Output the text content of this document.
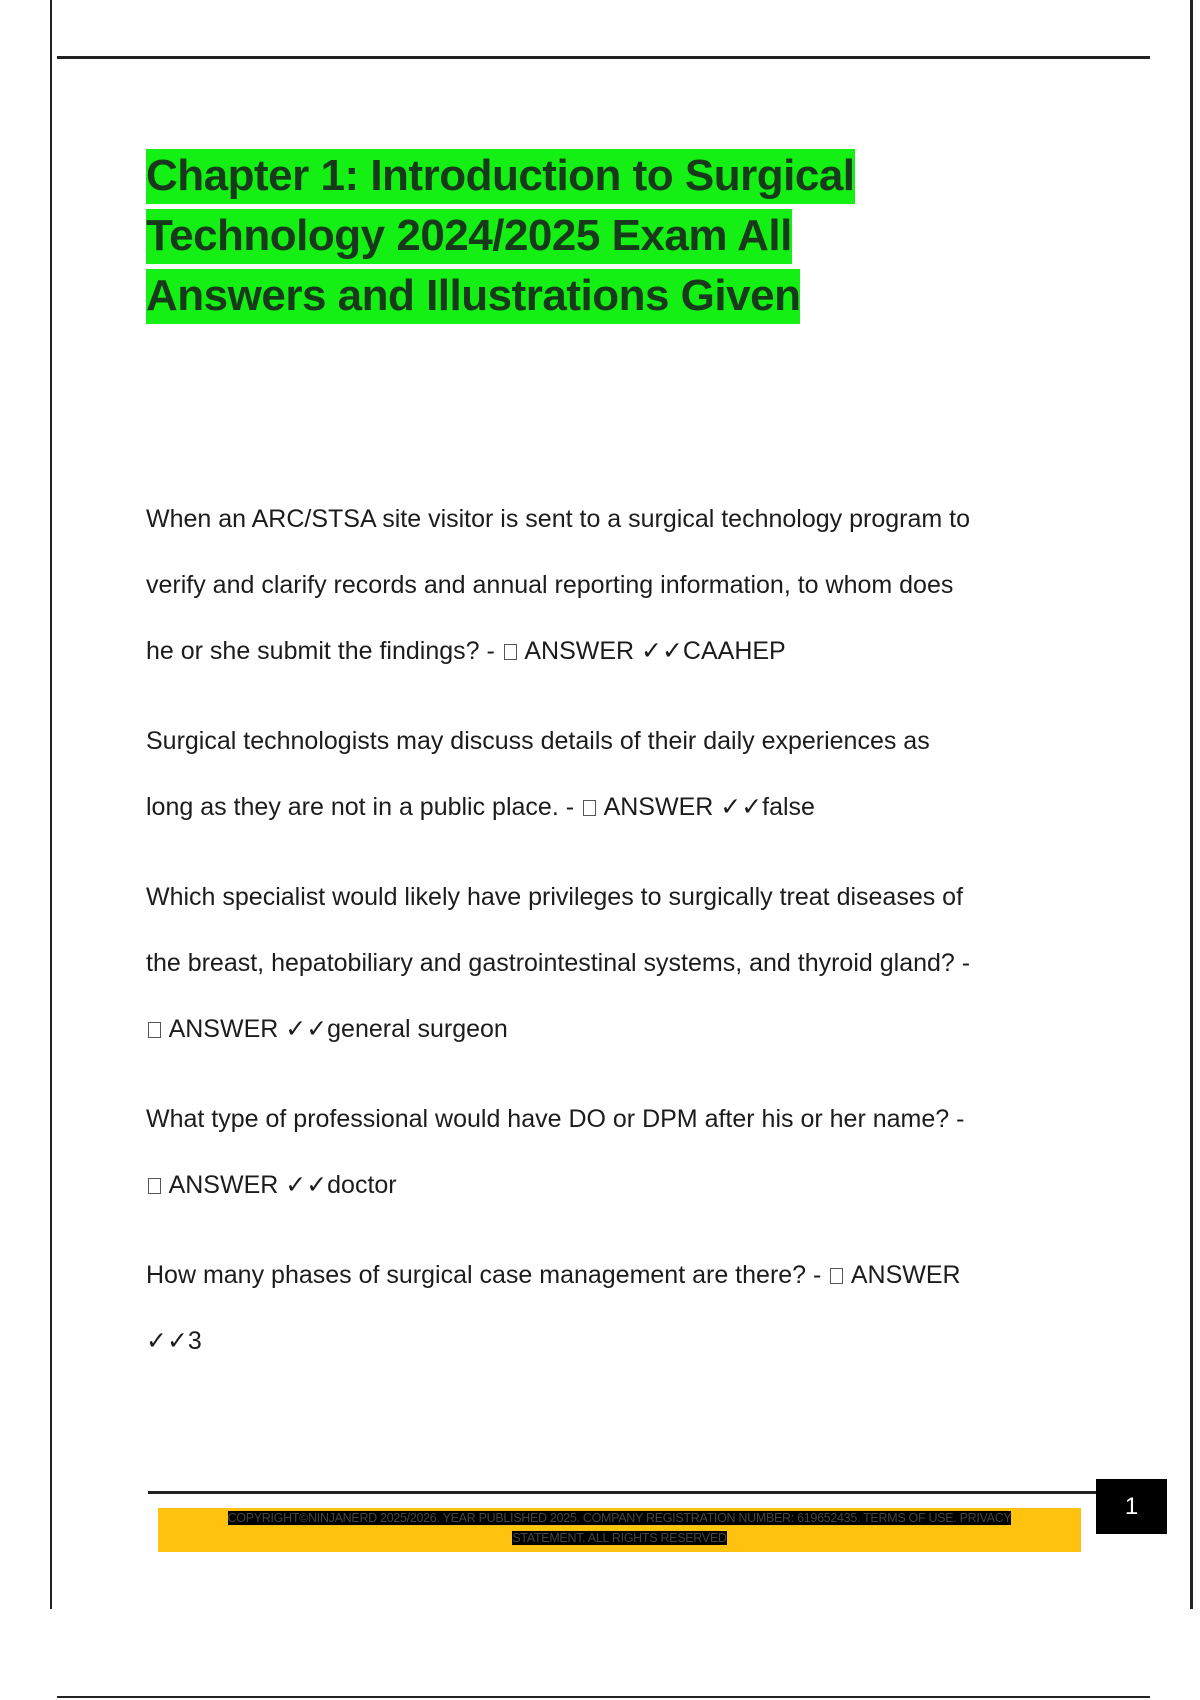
Chapter 1: Introduction to Surgical
Technology 2024/2025 Exam All
Answers and Illustrations Given
When an ARC/STSA site visitor is sent to a surgical technology program to
verify and clarify records and annual reporting information, to whom does
he or she submit the findings? - ANSWER ✓✓CAAHEP
Surgical technologists may discuss details of their daily experiences as
long as they are not in a public place. - ANSWER ✓✓false
Which specialist would likely have privileges to surgically treat diseases of
the breast, hepatobiliary and gastrointestinal systems, and thyroid gland? -
ANSWER ✓✓general surgeon
What type of professional would have DO or DPM after his or her name? -
ANSWER ✓✓doctor
How many phases of surgical case management are there? - ANSWER
✓✓3
1
COPYRIGHT©NINJANERD 2025/2026. YEAR PUBLISHED 2025. COMPANY REGISTRATION NUMBER: 619652435. TERMS OF USE. PRIVACY
STATEMENT. ALL RIGHTS RESERVED
